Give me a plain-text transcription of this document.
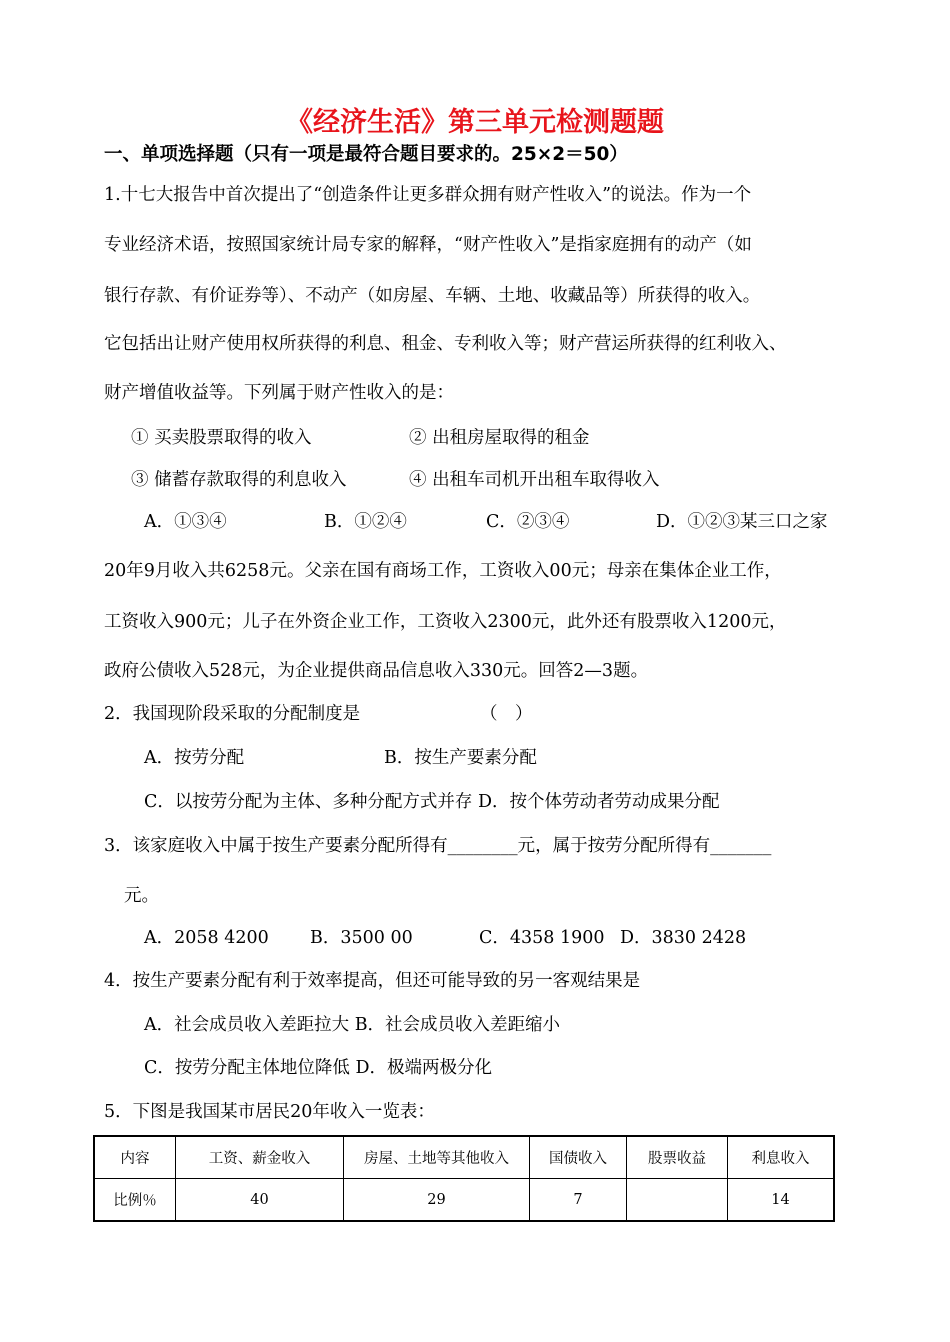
《经济生活》第三单元检测题题
一、单项选择题（只有一项是最符合题目要求的。25×2＝50）
1.十七大报告中首次提出了“创造条件让更多群众拥有财产性收入”的说法。作为一个
专业经济术语，按照国家统计局专家的解释，“财产性收入”是指家庭拥有的动产（如
银行存款、有价证券等）、不动产（如房屋、车辆、土地、收藏品等）所获得的收入。
它包括出让财产使用权所获得的利息、租金、专利收入等；财产营运所获得的红利收入、
财产增值收益等。下列属于财产性收入的是：
① 买卖股票取得的收入	② 出租房屋取得的租金
③ 储蓄存款取得的利息收入	④ 出租车司机开出租车取得收入
A．①③④	B．①②④	C．②③④	D．①②③某三口之家
20年9月收入共6258元。父亲在国有商场工作，工资收入00元；母亲在集体企业工作，
工资收入900元；儿子在外资企业工作，工资收入2300元，此外还有股票收入1200元，
政府公债收入528元，为企业提供商品信息收入330元。回答2—3题。
2．我国现阶段采取的分配制度是	（　）
A．按劳分配	B．按生产要素分配
C．以按劳分配为主体、多种分配方式并存 D．按个体劳动者劳动成果分配
3．该家庭收入中属于按生产要素分配所得有________元，属于按劳分配所得有_______
元。
A．2058 4200 B．3500 00	C．4358 1900 D．3830 2428
4．按生产要素分配有利于效率提高，但还可能导致的另一客观结果是
A．社会成员收入差距拉大 B．社会成员收入差距缩小
C．按劳分配主体地位降低 D．极端两极分化
5．下图是我国某市居民20年收入一览表：
内容	工资、薪金收入	房屋、土地等其他收入	国债收入	股票收益	利息收入
比例％	40	29	7		14
